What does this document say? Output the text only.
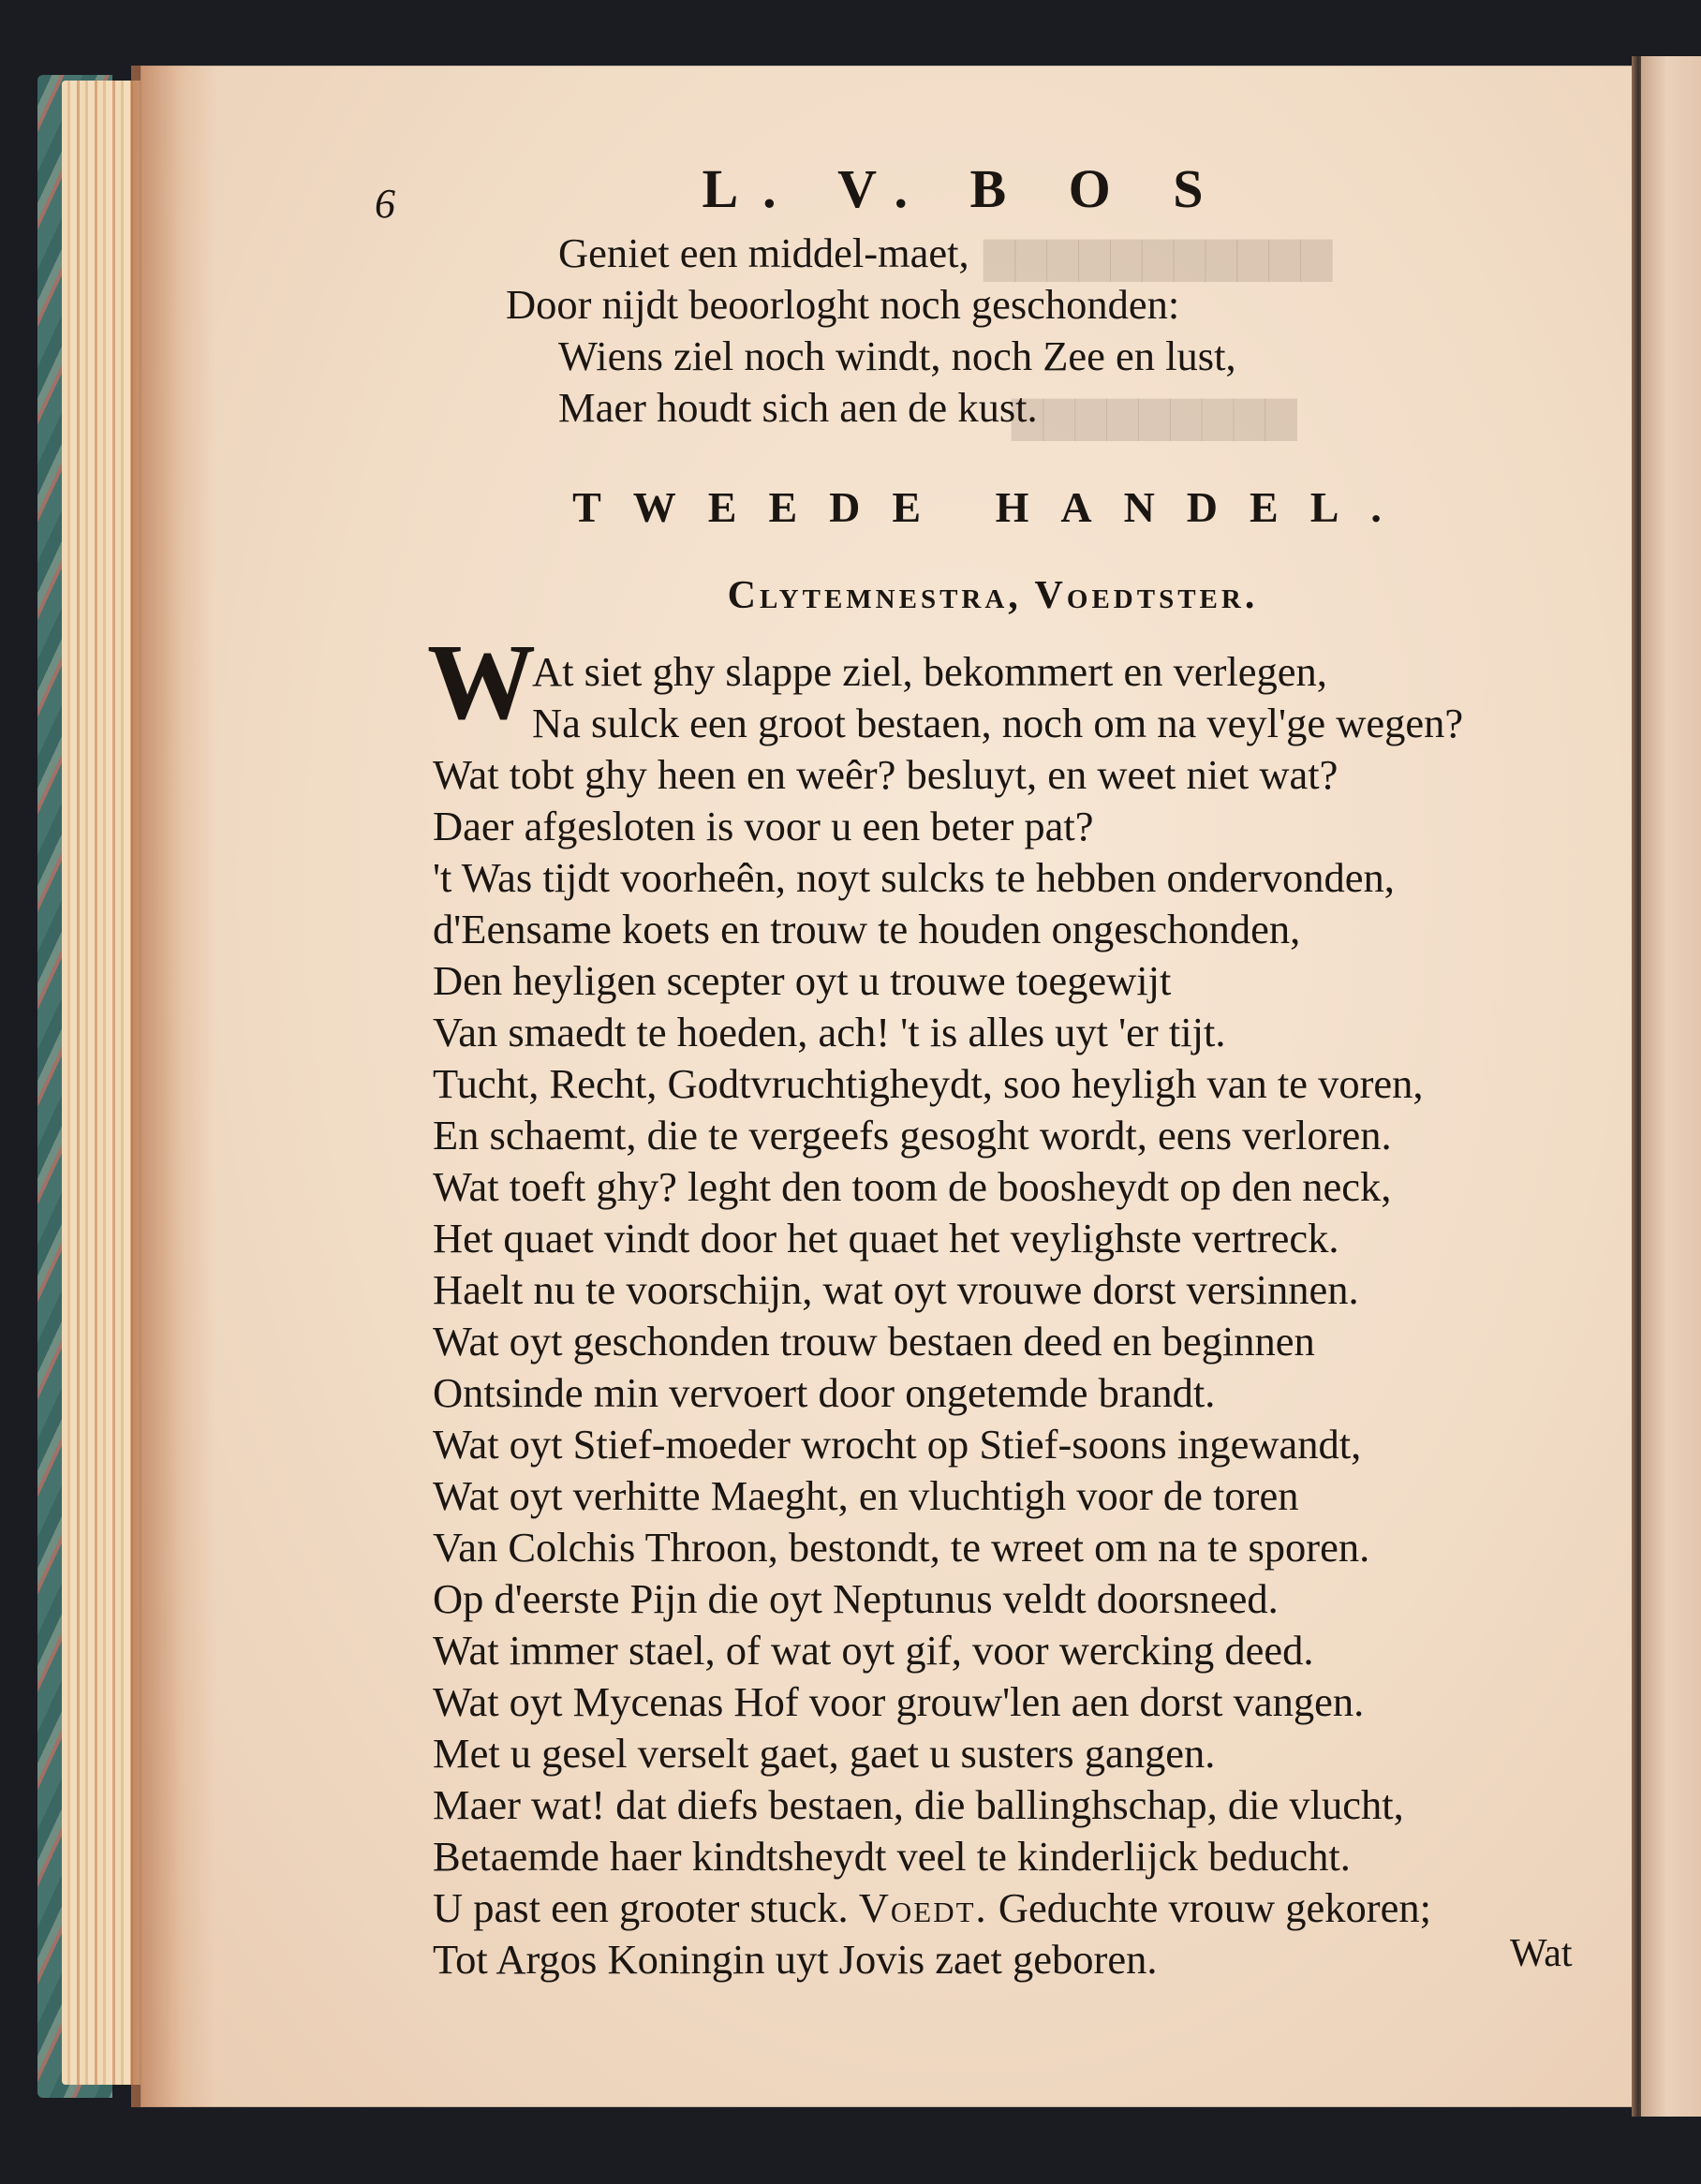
▇▇▇▇▇▇▇▇▇▇▇
▇▇▇▇▇▇▇▇▇
6	L. V. B O S
Geniet een middel-maet,
Door nijdt beoorloght noch geschonden:
Wiens ziel noch windt, noch Zee en lust,
Maer houdt sich aen de kust.
TWEEDE HANDEL.
Clytemnestra, Voedtster.
W
At siet ghy slappe ziel, bekommert en verlegen,
Na sulck een groot bestaen, noch om na veyl'ge wegen?
Wat tobt ghy heen en weêr? besluyt, en weet niet wat?
Daer afgesloten is voor u een beter pat?
't Was tijdt voorheên, noyt sulcks te hebben ondervonden,
d'Eensame koets en trouw te houden ongeschonden,
Den heyligen scepter oyt u trouwe toegewijt
Van smaedt te hoeden, ach! 't is alles uyt 'er tijt.
Tucht, Recht, Godtvruchtigheydt, soo heyligh van te voren,
En schaemt, die te vergeefs gesoght wordt, eens verloren.
Wat toeft ghy? leght den toom de boosheydt op den neck,
Het quaet vindt door het quaet het veylighste vertreck.
Haelt nu te voorschijn, wat oyt vrouwe dorst versinnen.
Wat oyt geschonden trouw bestaen deed en beginnen
Ontsinde min vervoert door ongetemde brandt.
Wat oyt Stief-moeder wrocht op Stief-soons ingewandt,
Wat oyt verhitte Maeght, en vluchtigh voor de toren
Van Colchis Throon, bestondt, te wreet om na te sporen.
Op d'eerste Pijn die oyt Neptunus veldt doorsneed.
Wat immer stael, of wat oyt gif, voor wercking deed.
Wat oyt Mycenas Hof voor grouw'len aen dorst vangen.
Met u gesel verselt gaet, gaet u susters gangen.
Maer wat! dat diefs bestaen, die ballinghschap, die vlucht,
Betaemde haer kindtsheydt veel te kinderlijck beducht.
U past een grooter stuck. Voedt. Geduchte vrouw gekoren;
Tot Argos Koningin uyt Jovis zaet geboren.	Wat
